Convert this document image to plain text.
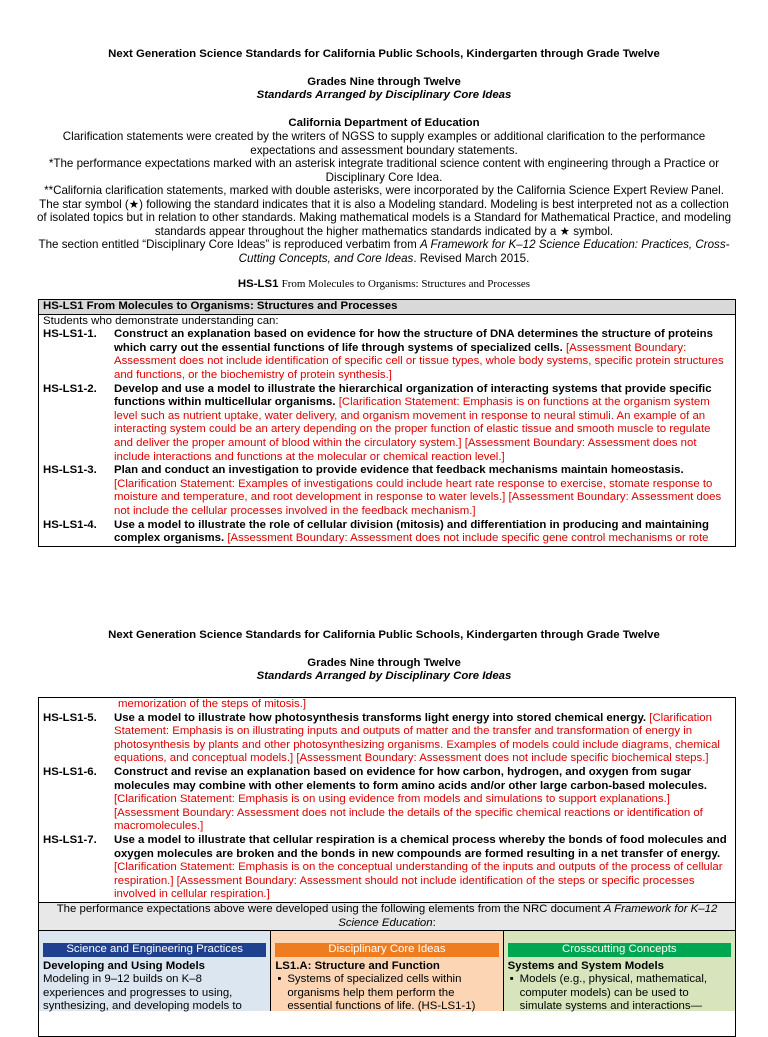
Next Generation Science Standards for California Public Schools, Kindergarten through Grade Twelve
Grades Nine through Twelve
Standards Arranged by Disciplinary Core Ideas
California Department of Education

Clarification statements were created by the writers of NGSS to supply examples or additional clarification to the performance expectations and assessment boundary statements.

*The performance expectations marked with an asterisk integrate traditional science content with engineering through a Practice or Disciplinary Core Idea.

**California clarification statements, marked with double asterisks, were incorporated by the California Science Expert Review Panel.

The star symbol (★) following the standard indicates that it is also a Modeling standard. Modeling is best interpreted not as a collection of isolated topics but in relation to other standards. Making mathematical models is a Standard for Mathematical Practice, and modeling standards appear throughout the higher mathematics standards indicated by a ★ symbol.

The section entitled “Disciplinary Core Ideas” is reproduced verbatim from A Framework for K–12 Science Education: Practices, Cross-Cutting Concepts, and Core Ideas. Revised March 2015.

HS-LS1 From Molecules to Organisms: Structures and Processes
HS-LS1 From Molecules to Organisms: Structures and Processes
Students who demonstrate understanding can:
HS-LS1-1.	Construct an explanation based on evidence for how the structure of DNA determines the structure of proteins which carry out the essential functions of life through systems of specialized cells. [Assessment Boundary: Assessment does not include identification of specific cell or tissue types, whole body systems, specific protein structures and functions, or the biochemistry of protein synthesis.]
HS-LS1-2.	Develop and use a model to illustrate the hierarchical organization of interacting systems that provide specific functions within multicellular organisms. [Clarification Statement: Emphasis is on functions at the organism system level such as nutrient uptake, water delivery, and organism movement in response to neural stimuli. An example of an interacting system could be an artery depending on the proper function of elastic tissue and smooth muscle to regulate and deliver the proper amount of blood within the circulatory system.] [Assessment Boundary: Assessment does not include interactions and functions at the molecular or chemical reaction level.]
HS-LS1-3.	Plan and conduct an investigation to provide evidence that feedback mechanisms maintain homeostasis. [Clarification Statement: Examples of investigations could include heart rate response to exercise, stomate response to moisture and temperature, and root development in response to water levels.] [Assessment Boundary: Assessment does not include the cellular processes involved in the feedback mechanism.]
HS-LS1-4.	Use a model to illustrate the role of cellular division (mitosis) and differentiation in producing and maintaining complex organisms. [Assessment Boundary: Assessment does not include specific gene control mechanisms or rote
Next Generation Science Standards for California Public Schools, Kindergarten through Grade Twelve
Grades Nine through Twelve
Standards Arranged by Disciplinary Core Ideas
memorization of the steps of mitosis.]
HS-LS1-5.	Use a model to illustrate how photosynthesis transforms light energy into stored chemical energy. [Clarification Statement: Emphasis is on illustrating inputs and outputs of matter and the transfer and transformation of energy in photosynthesis by plants and other photosynthesizing organisms. Examples of models could include diagrams, chemical equations, and conceptual models.] [Assessment Boundary: Assessment does not include specific biochemical steps.]
HS-LS1-6.	Construct and revise an explanation based on evidence for how carbon, hydrogen, and oxygen from sugar molecules may combine with other elements to form amino acids and/or other large carbon-based molecules. [Clarification Statement: Emphasis is on using evidence from models and simulations to support explanations.] [Assessment Boundary: Assessment does not include the details of the specific chemical reactions or identification of macromolecules.]
HS-LS1-7.	Use a model to illustrate that cellular respiration is a chemical process whereby the bonds of food molecules and oxygen molecules are broken and the bonds in new compounds are formed resulting in a net transfer of energy. [Clarification Statement: Emphasis is on the conceptual understanding of the inputs and outputs of the process of cellular respiration.] [Assessment Boundary: Assessment should not include identification of the steps or specific processes involved in cellular respiration.]
The performance expectations above were developed using the following elements from the NRC document A Framework for K–12 Science Education:
Science and Engineering Practices
Developing and Using Models
Modeling in 9–12 builds on K–8 experiences and progresses to using, synthesizing, and developing models to
Disciplinary Core Ideas
LS1.A: Structure and Function
▪ Systems of specialized cells within organisms help them perform the essential functions of life. (HS-LS1-1)
Crosscutting Concepts
Systems and System Models
▪ Models (e.g., physical, mathematical, computer models) can be used to simulate systems and interactions—
